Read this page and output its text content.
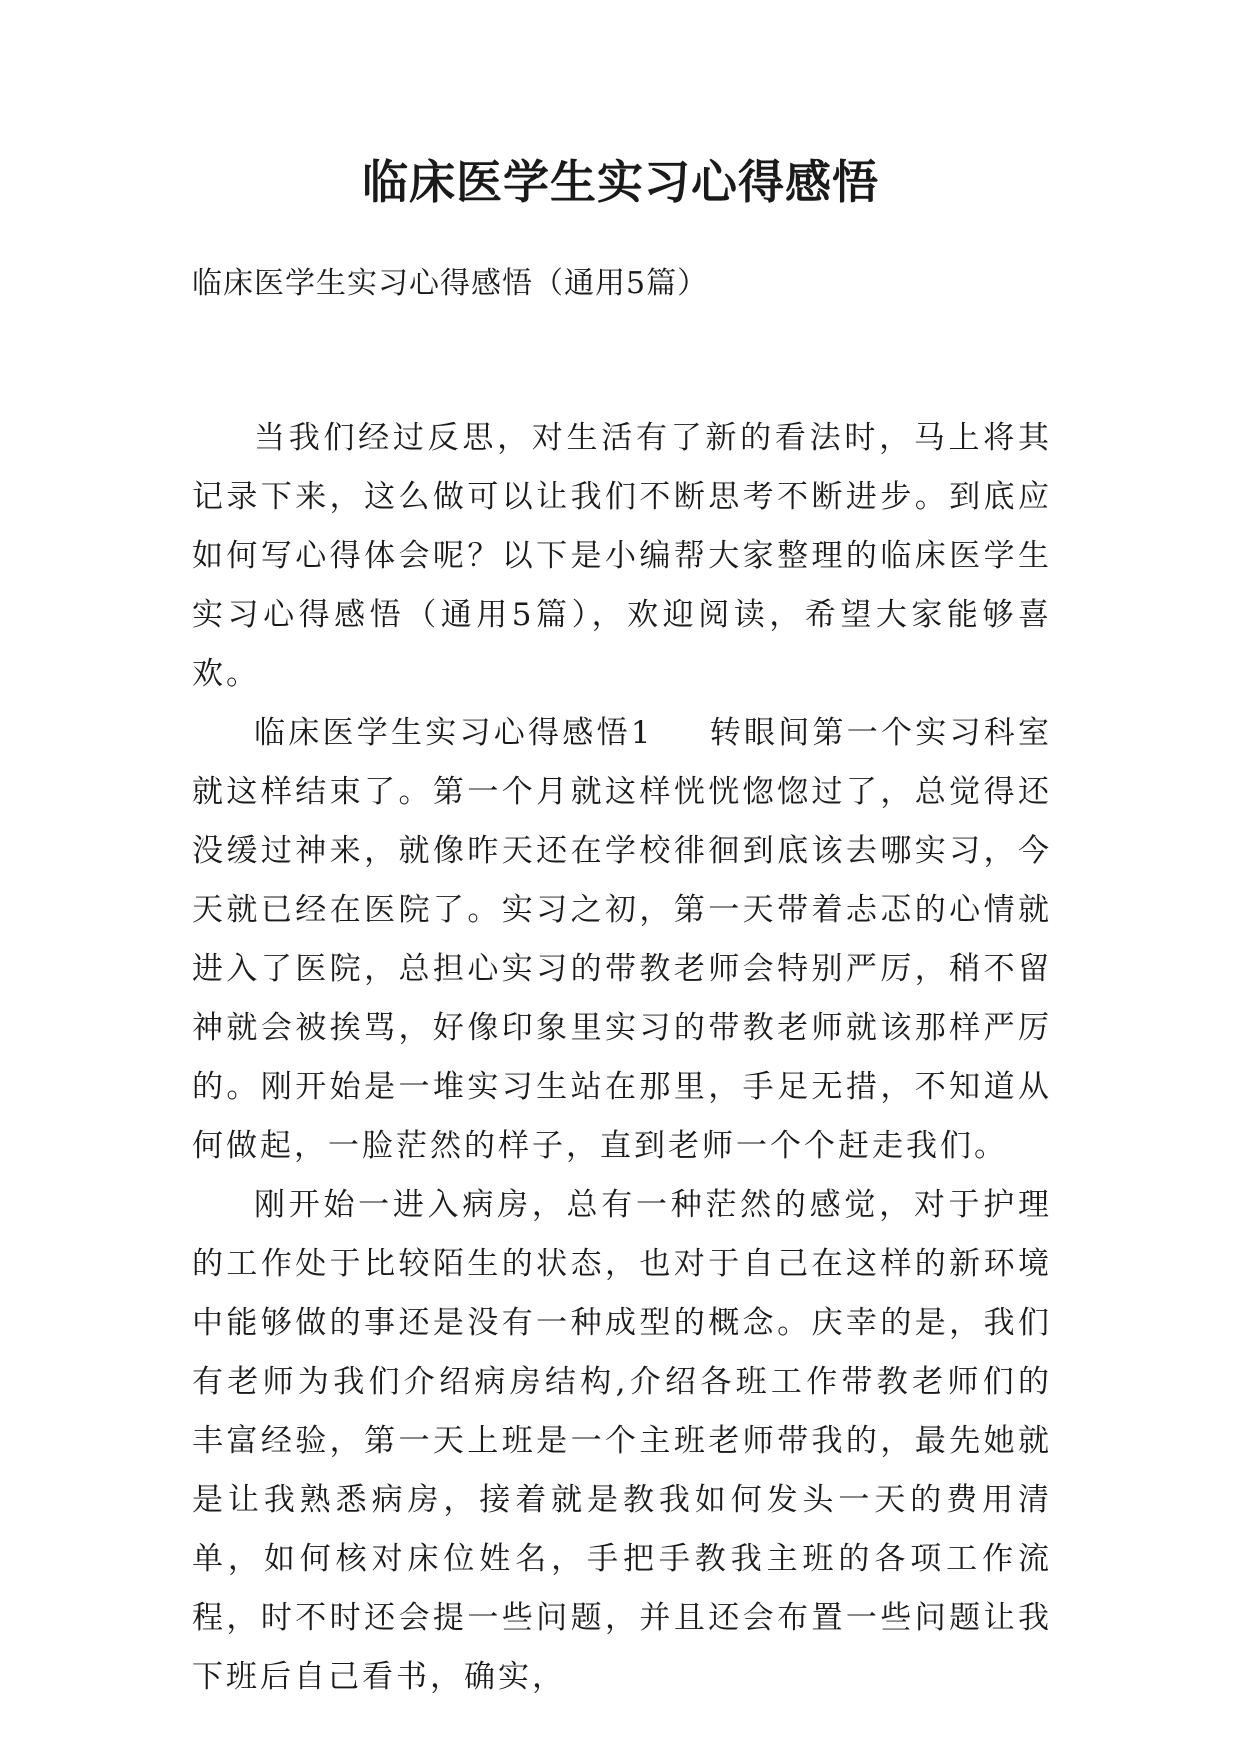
临床医学生实习心得感悟
临床医学生实习心得感悟（通用5篇）

当我们经过反思，对生活有了新的看法时，马上将其记录下来，这么做可以让我们不断思考不断进步。到底应如何写心得体会呢？以下是小编帮大家整理的临床医学生实习心得感悟（通用5篇），欢迎阅读，希望大家能够喜欢。

临床医学生实习心得感悟1 转眼间第一个实习科室就这样结束了。第一个月就这样恍恍惚惚过了，总觉得还没缓过神来，就像昨天还在学校徘徊到底该去哪实习，今天就已经在医院了。实习之初，第一天带着忐忑的心情就进入了医院，总担心实习的带教老师会特别严厉，稍不留神就会被挨骂，好像印象里实习的带教老师就该那样严厉的。刚开始是一堆实习生站在那里，手足无措，不知道从何做起，一脸茫然的样子，直到老师一个个赶走我们。

刚开始一进入病房，总有一种茫然的感觉，对于护理的工作处于比较陌生的状态，也对于自己在这样的新环境中能够做的事还是没有一种成型的概念。庆幸的是，我们有老师为我们介绍病房结构,介绍各班工作带教老师们的丰富经验，第一天上班是一个主班老师带我的，最先她就是让我熟悉病房，接着就是教我如何发头一天的费用清单，如何核对床位姓名，手把手教我主班的各项工作流程，时不时还会提一些问题，并且还会布置一些问题让我下班后自己看书，确实，
